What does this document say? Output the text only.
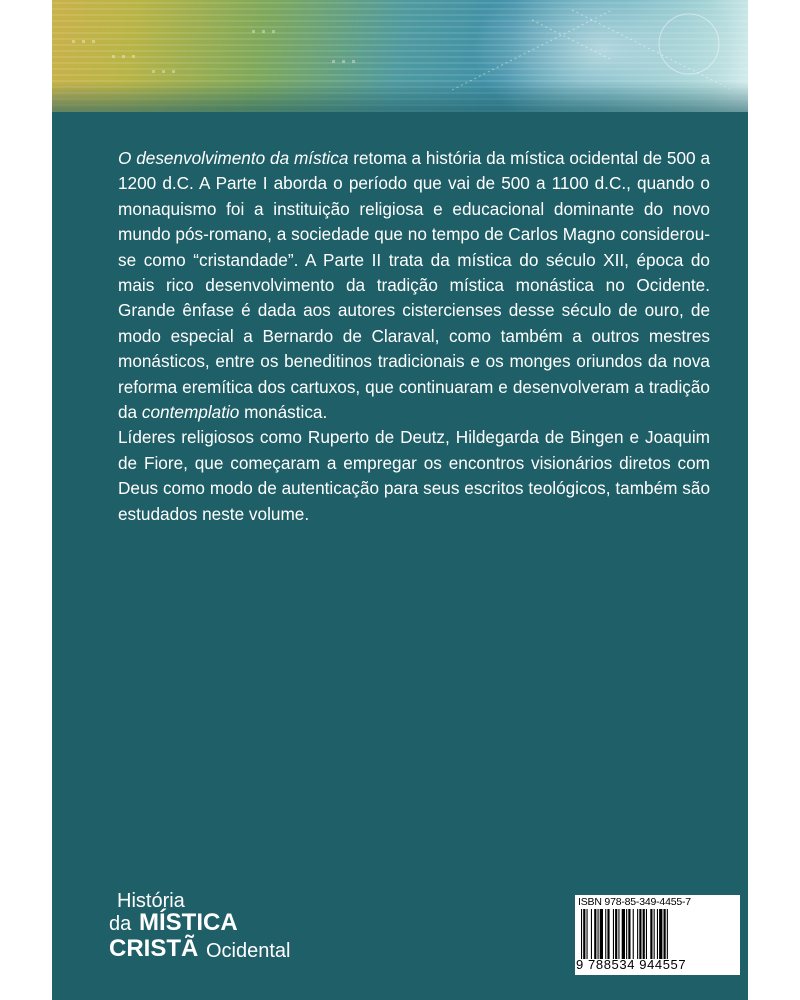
O desenvolvimento da mística retoma a história da mística ocidental de 500 a 1200 d.C. A Parte I aborda o período que vai de 500 a 1100 d.C., quando o monaquismo foi a instituição religiosa e educacional dominante do novo mundo pós-romano, a sociedade que no tempo de Carlos Magno considerou-se como “cristandade”. A Parte II trata da mística do século XII, época do mais rico desenvolvimento da tradição mística monástica no Ocidente. Grande ênfase é dada aos autores cistercienses desse século de ouro, de modo especial a Bernardo de Claraval, como também a outros mestres monásticos, entre os beneditinos tradicionais e os monges oriundos da nova reforma eremítica dos cartuxos, que continuaram e desenvolveram a tradição da contemplatio monástica.

Líderes religiosos como Ruperto de Deutz, Hildegarda de Bingen e Joaquim de Fiore, que começaram a empregar os encontros visionários diretos com Deus como modo de autenticação para seus escritos teológicos, também são estudados neste volume.

História
da MÍSTICA
CRISTÃ Ocidental
ISBN 978-85-349-4455-7
9 788534 944557
